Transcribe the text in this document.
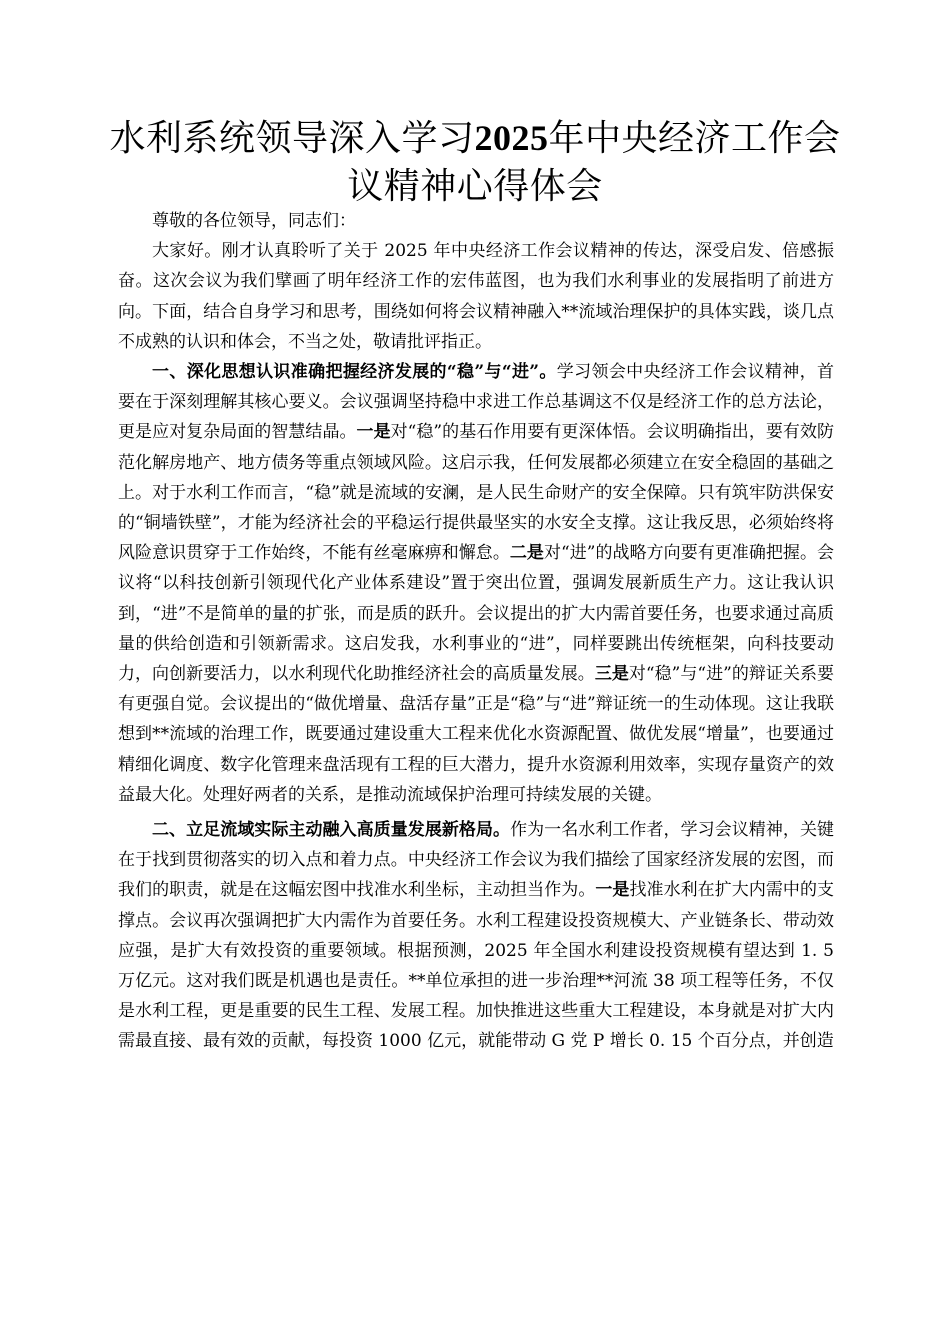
水利系统领导深入学习2025年中央经济工作会议精神心得体会

尊敬的各位领导，同志们：

大家好。刚才认真聆听了关于 2025 年中央经济工作会议精神的传达，深受启发、倍感振奋。这次会议为我们擘画了明年经济工作的宏伟蓝图，也为我们水利事业的发展指明了前进方向。下面，结合自身学习和思考，围绕如何将会议精神融入**流域治理保护的具体实践，谈几点不成熟的认识和体会，不当之处，敬请批评指正。

一、深化思想认识准确把握经济发展的“稳”与“进”。学习领会中央经济工作会议精神，首要在于深刻理解其核心要义。会议强调坚持稳中求进工作总基调这不仅是经济工作的总方法论，更是应对复杂局面的智慧结晶。一是对“稳”的基石作用要有更深体悟。会议明确指出，要有效防范化解房地产、地方债务等重点领域风险。这启示我，任何发展都必须建立在安全稳固的基础之上。对于水利工作而言，“稳”就是流域的安澜，是人民生命财产的安全保障。只有筑牢防洪保安的“铜墙铁壁”，才能为经济社会的平稳运行提供最坚实的水安全支撑。这让我反思，必须始终将风险意识贯穿于工作始终，不能有丝毫麻痹和懈怠。二是对“进”的战略方向要有更准确把握。会议将“以科技创新引领现代化产业体系建设”置于突出位置，强调发展新质生产力。这让我认识到，“进”不是简单的量的扩张，而是质的跃升。会议提出的扩大内需首要任务，也要求通过高质量的供给创造和引领新需求。这启发我，水利事业的“进”，同样要跳出传统框架，向科技要动力，向创新要活力，以水利现代化助推经济社会的高质量发展。三是对“稳”与“进”的辩证关系要有更强自觉。会议提出的“做优增量、盘活存量”正是“稳”与“进”辩证统一的生动体现。这让我联想到**流域的治理工作，既要通过建设重大工程来优化水资源配置、做优发展“增量”，也要通过精细化调度、数字化管理来盘活现有工程的巨大潜力，提升水资源利用效率，实现存量资产的效益最大化。处理好两者的关系，是推动流域保护治理可持续发展的关键。

二、立足流域实际主动融入高质量发展新格局。作为一名水利工作者，学习会议精神，关键在于找到贯彻落实的切入点和着力点。中央经济工作会议为我们描绘了国家经济发展的宏图，而我们的职责，就是在这幅宏图中找准水利坐标，主动担当作为。一是找准水利在扩大内需中的支撑点。会议再次强调把扩大内需作为首要任务。水利工程建设投资规模大、产业链条长、带动效应强，是扩大有效投资的重要领域。根据预测，2025 年全国水利建设投资规模有望达到 1. 5 万亿元。这对我们既是机遇也是责任。**单位承担的进一步治理**河流 38 项工程等任务，不仅是水利工程，更是重要的民生工程、发展工程。加快推进这些重大工程建设，本身就是对扩大内需最直接、最有效的贡献，每投资 1000 亿元，就能带动 G 党 P 增长 0. 15 个百分点，并创造
